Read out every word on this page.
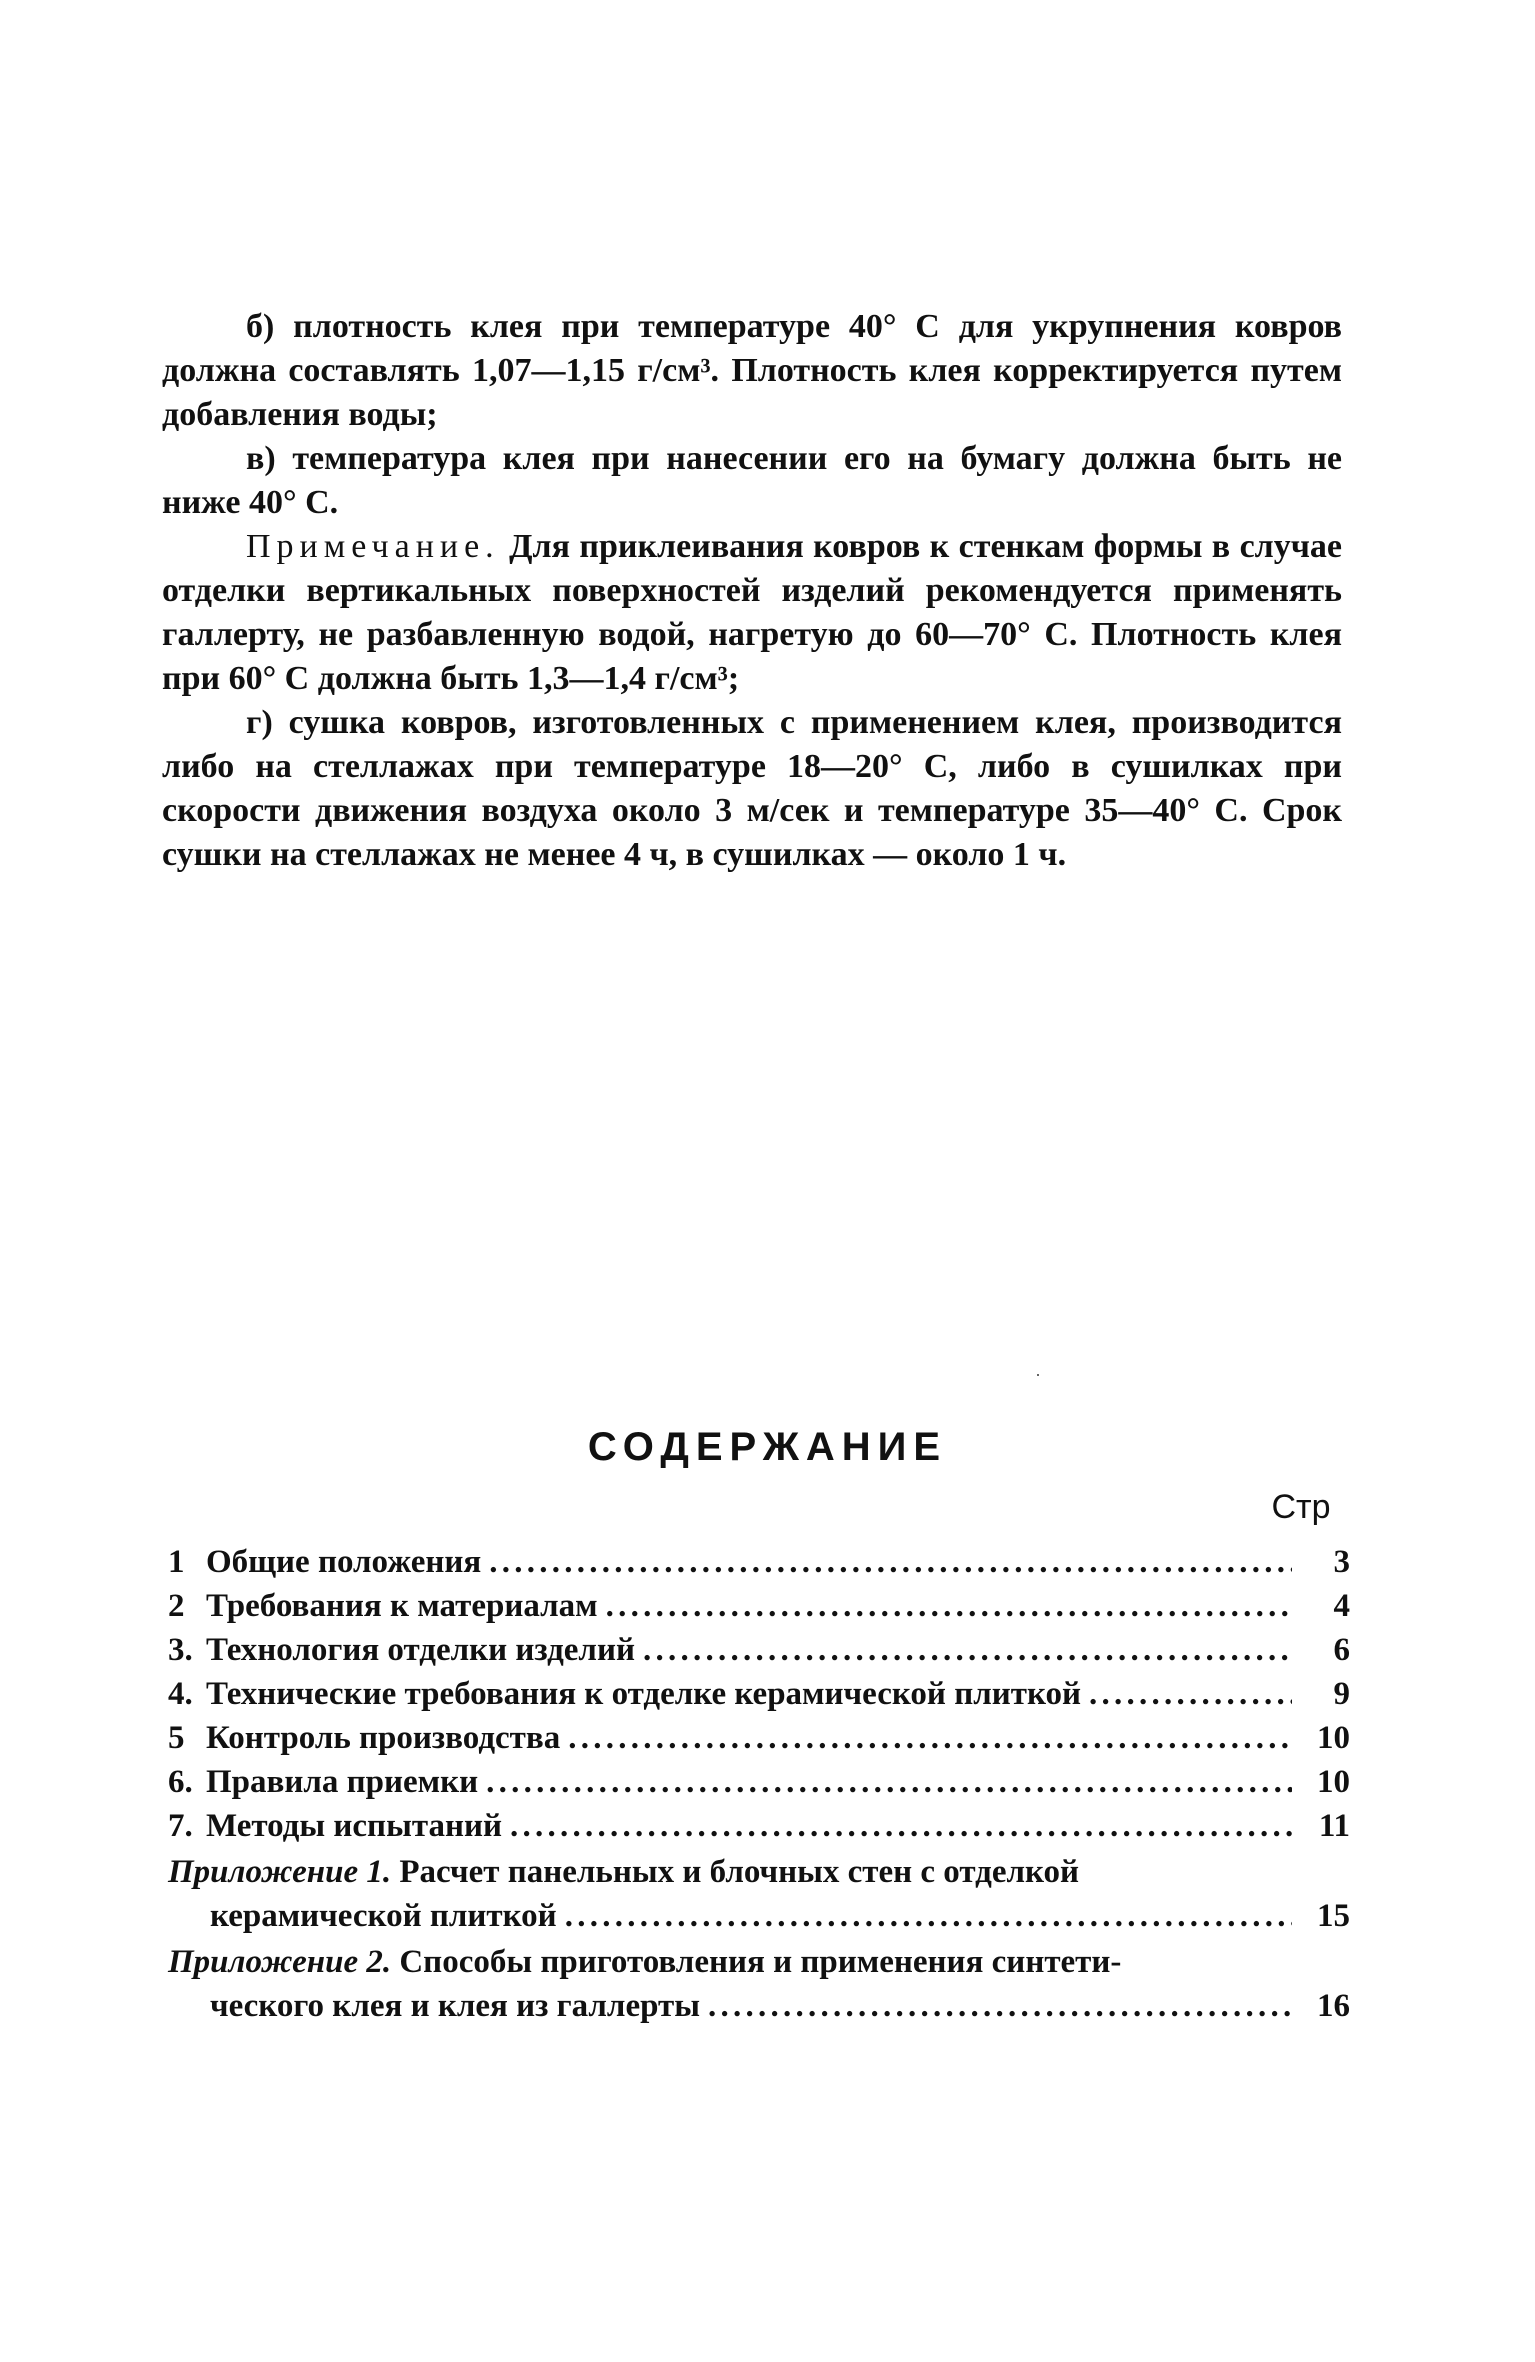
б) плотность клея при температуре 40° С для укрупнения ковров должна составлять 1,07—1,15 г/см³. Плотность клея корректируется путем добавления воды;

в) температура клея при нанесении его на бумагу должна быть не ниже 40° С.

Примечание. Для приклеивания ковров к стенкам формы в случае отделки вертикальных поверхностей изделий рекомендуется применять галлерту, не разбавленную водой, нагретую до 60—70° С. Плотность клея при 60° С должна быть 1,3—1,4 г/см³;

г) сушка ковров, изготовленных с применением клея, производится либо на стеллажах при температуре 18—20° С, либо в сушилках при скорости движения воздуха около 3 м/сек и температуре 35—40° С. Срок сушки на стеллажах не менее 4 ч, в сушилках — около 1 ч.

СОДЕРЖАНИЕ
Стр
1 Общие положения . . .	3
2 Требования к материалам . . .	4
3. Технология отделки изделий . . .	6
4. Технические требования к отделке керамической плиткой . . .	9
5 Контроль производства . . .	10
6. Правила приемки . . .	10
7. Методы испытаний . . .	11
Приложение 1. Расчет панельных и блочных стен с отделкой
керамической плиткой . . .	15
Приложение 2. Способы приготовления и применения синтети-
ческого клея и клея из галлерты . . .	16
